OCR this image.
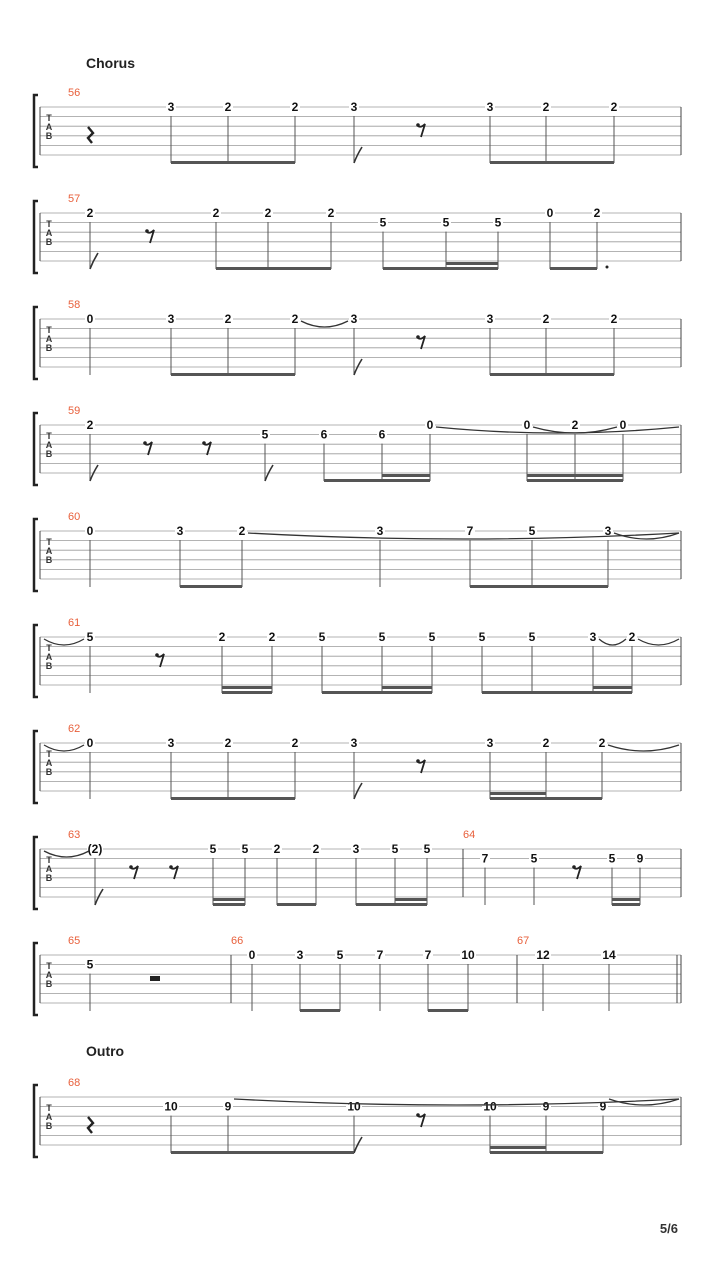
Chorus
Outro
T
A
B
56
3	2	2	3	3	2	2
T
A
B
57
2	2	2	2
5	5	5
0	2
T
A
B
58
0	3	2	2	3	3	2	2
T
A
B
59
2
5	6	6
0	0	2	0
T
A
B
60
0	3	2	3	7	5	3
T
A
B
61
5	2	2	5	5	5	5	5	3	2
T
A
B
62
0	3	2	2	3	3	2	2
T
A
B
63
(2)	5 5 2	2	3	5 5
64
7	5	5 9
T
A
B
65
5
66
0	3	5	7	7 10
67
12	14
T
A
B
68
10	9	10	10	9	9
5/6
